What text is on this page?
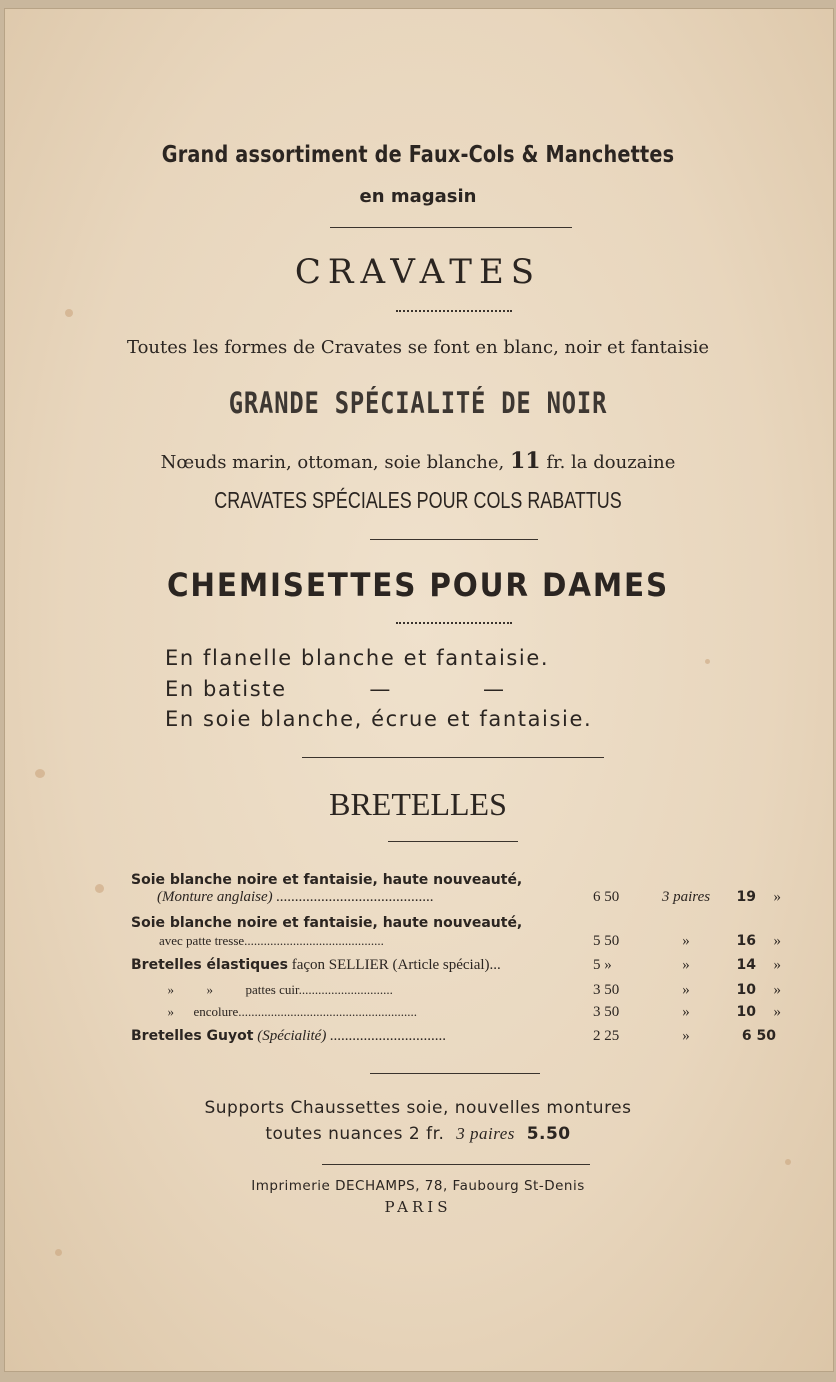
Grand assortiment de Faux-Cols & Manchettes
en magasin
CRAVATES
Toutes les formes de Cravates se font en blanc, noir et fantaisie
GRANDE SPÉCIALITÉ DE NOIR
Nœuds marin, ottoman, soie blanche, 11 fr. la douzaine
CRAVATES SPÉCIALES POUR COLS RABATTUS
CHEMISETTES POUR DAMES
En flanelle blanche et fantaisie.
En batiste          —           —
En soie blanche, écrue et fantaisie.
BRETELLES
Soie blanche noire et fantaisie, haute nouveauté,
(Monture anglaise) ..........................................	6 50	3 paires	19	»
Soie blanche noire et fantaisie, haute nouveauté,
avec patte tresse...........................................	5 50	»	16	»
Bretelles élastiques façon SELLIER (Article spécial)...	5 »	»	14	»
»          »          pattes cuir.............................	3 50	»	10	»
»      encolure.......................................................	3 50	»	10	»
Bretelles Guyot (Spécialité) ...............................	2 25	»	6 50
Supports Chaussettes soie, nouvelles montures
toutes nuances 2 fr. 3 paires 5.50
Imprimerie DECHAMPS, 78, Faubourg St-Denis
PARIS
